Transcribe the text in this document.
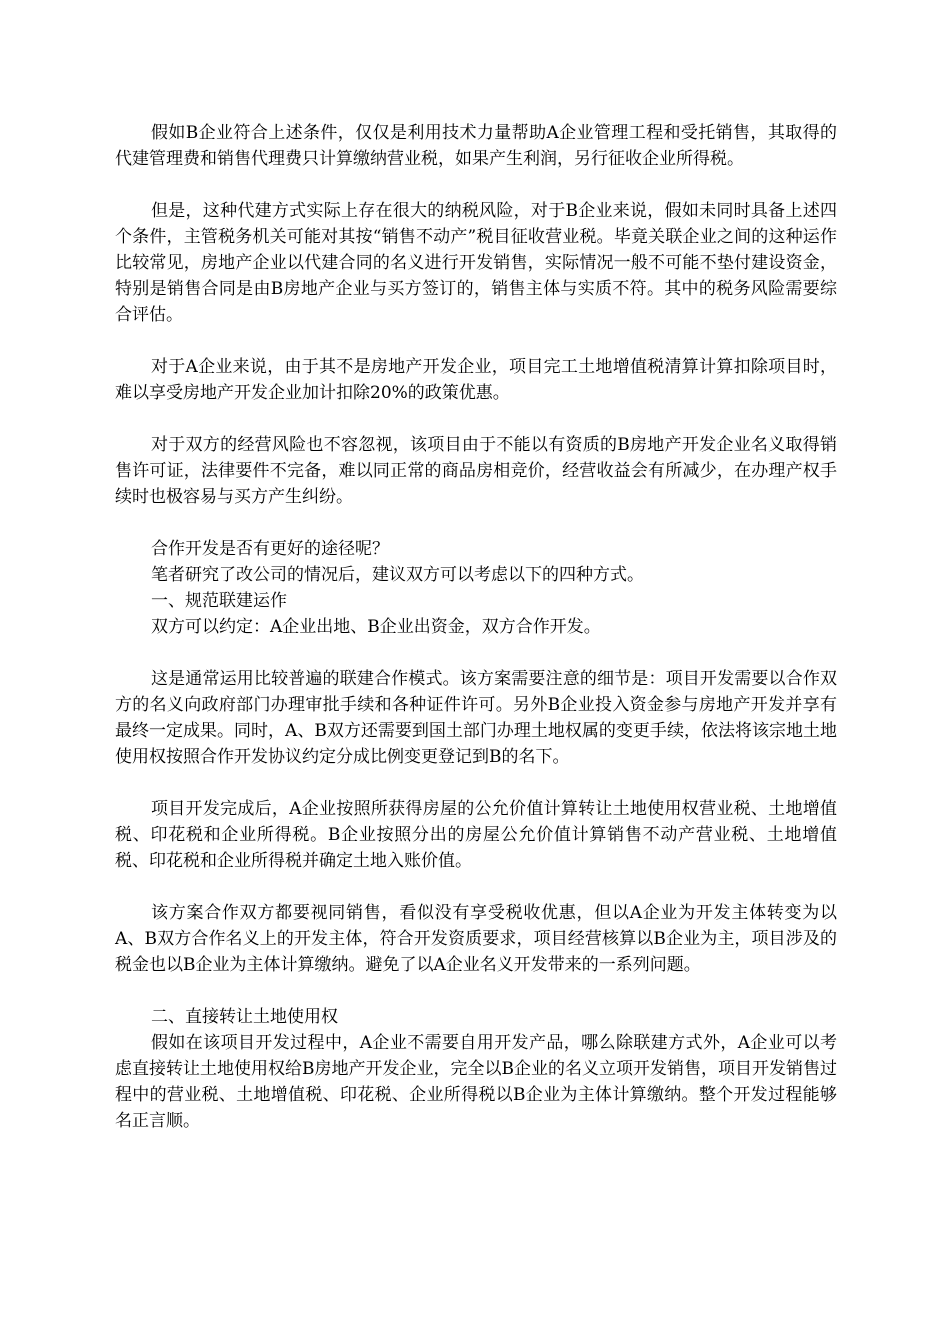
假如B企业符合上述条件，仅仅是利用技术力量帮助A企业管理工程和受托销售，其取得的代建管理费和销售代理费只计算缴纳营业税，如果产生利润，另行征收企业所得税。

但是，这种代建方式实际上存在很大的纳税风险，对于B企业来说，假如未同时具备上述四个条件，主管税务机关可能对其按“销售不动产”税目征收营业税。毕竟关联企业之间的这种运作比较常见，房地产企业以代建合同的名义进行开发销售，实际情况一般不可能不垫付建设资金，特别是销售合同是由B房地产企业与买方签订的，销售主体与实质不符。其中的税务风险需要综合评估。

对于A企业来说，由于其不是房地产开发企业，项目完工土地增值税清算计算扣除项目时，难以享受房地产开发企业加计扣除20%的政策优惠。

对于双方的经营风险也不容忽视，该项目由于不能以有资质的B房地产开发企业名义取得销售许可证，法律要件不完备，难以同正常的商品房相竞价，经营收益会有所减少，在办理产权手续时也极容易与买方产生纠纷。

合作开发是否有更好的途径呢？

笔者研究了改公司的情况后，建议双方可以考虑以下的四种方式。

一、规范联建运作

双方可以约定：A企业出地、B企业出资金，双方合作开发。

这是通常运用比较普遍的联建合作模式。该方案需要注意的细节是：项目开发需要以合作双方的名义向政府部门办理审批手续和各种证件许可。另外B企业投入资金参与房地产开发并享有最终一定成果。同时，A、B双方还需要到国土部门办理土地权属的变更手续，依法将该宗地土地使用权按照合作开发协议约定分成比例变更登记到B的名下。

项目开发完成后，A企业按照所获得房屋的公允价值计算转让土地使用权营业税、土地增值税、印花税和企业所得税。B企业按照分出的房屋公允价值计算销售不动产营业税、土地增值税、印花税和企业所得税并确定土地入账价值。

该方案合作双方都要视同销售，看似没有享受税收优惠，但以A企业为开发主体转变为以A、B双方合作名义上的开发主体，符合开发资质要求，项目经营核算以B企业为主，项目涉及的税金也以B企业为主体计算缴纳。避免了以A企业名义开发带来的一系列问题。

二、直接转让土地使用权

假如在该项目开发过程中，A企业不需要自用开发产品，哪么除联建方式外，A企业可以考虑直接转让土地使用权给B房地产开发企业，完全以B企业的名义立项开发销售，项目开发销售过程中的营业税、土地增值税、印花税、企业所得税以B企业为主体计算缴纳。整个开发过程能够名正言顺。
